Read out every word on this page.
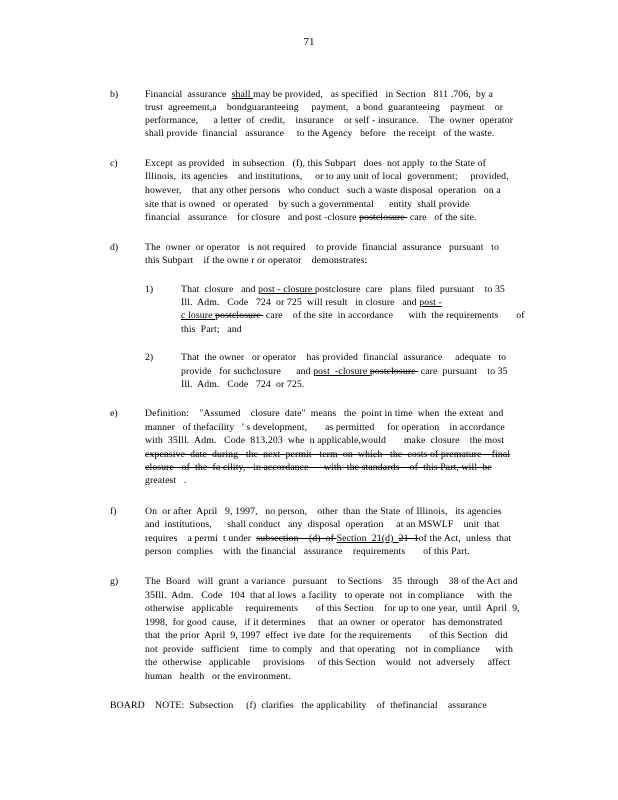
71
b)	Financial  assurance  shall may be provided,   as specified   in Section   811 .706,  by a
trust  agreement,a    bondguaranteeing     payment,   a bond  guaranteeing    payment    or
performance,      a letter  of  credit,    insurance    or self - insurance.    The  owner  operator
shall provide  financial   assurance     to the Agency   before   the receipt   of the waste.
c)	Except  as provided   in subsection   (f), this Subpart   does  not apply  to the State of
Illinois,  its agencies    and institutions,     or to any unit of local  government;     provided,
however,    that any other persons   who conduct   such a waste disposal  operation   on a
site that is owned   or operated    by such a governmental      entity  shall provide
financial   assurance    for closure   and post -closure postclosure  care   of the site.
d)	The  owner  or operator   is not required    to provide  financial  assurance   pursuant   to
this Subpart    if the owne r or operator    demonstrates:
1)	That  closure   and post - closure postclosure  care   plans  filed  pursuant    to 35
Ill.  Adm.   Code   724  or 725  will result   in closure   and post -
c losure postclosure  care    of the site  in accordance      with  the requirements       of
this  Part;   and
2)	That  the owner   or operator    has provided  financial  assurance     adequate   to
provide   for suchclosure      and post  -closure postclosure  care  pursuant    to 35
Ill.  Adm.   Code   724  or 725.
e)	Definition:    "Assumed    closure  date"  means   the  point in time  when  the extent  and
manner   of thefacility   ' s development,       as permitted     for operation    in accordance
with  35Ill.  Adm.   Code  813.203  whe  n applicable,would       make  closure    the most
expensive  date  during   the  next  permit   term  on  which   the  costs of premature    final
closure   of  the  fa cility,   in accordance      with  the standards    of  this Part, will  be
greatest   .
f)	On  or after  April   9, 1997,   no person,    other  than  the State  of Illinois,   its agencies
and  institutions,      shall conduct   any  disposal  operation     at an MSWLF    unit  that
requires    a permi  t under  subsection    (d)  of Section  21(d)  21  1of the Act,  unless  that
person  complies    with  the financial   assurance    requirements       of this Part.
g)	The  Board   will  grant  a variance   pursuant    to Sections    35  through    38 of the Act and
35Ill.  Adm.   Code   104  that al lows  a facility   to operate  not  in compliance     with  the
otherwise   applicable     requirements       of this Section    for up to one year,  until  April  9,
1998,  for good  cause,   if it determines     that  an owner  or operator   has demonstrated
that  the prior  April  9, 1997  effect  ive date  for the requirements       of this Section   did
not  provide   sufficient    time  to comply   and  that operating    not  in compliance      with
the  otherwise   applicable     provisions     of this Section    would   not  adversely     affect
human   health   or the environment.
BOARD    NOTE:  Subsection     (f)  clarifies   the applicability    of  thefinancial    assurance
